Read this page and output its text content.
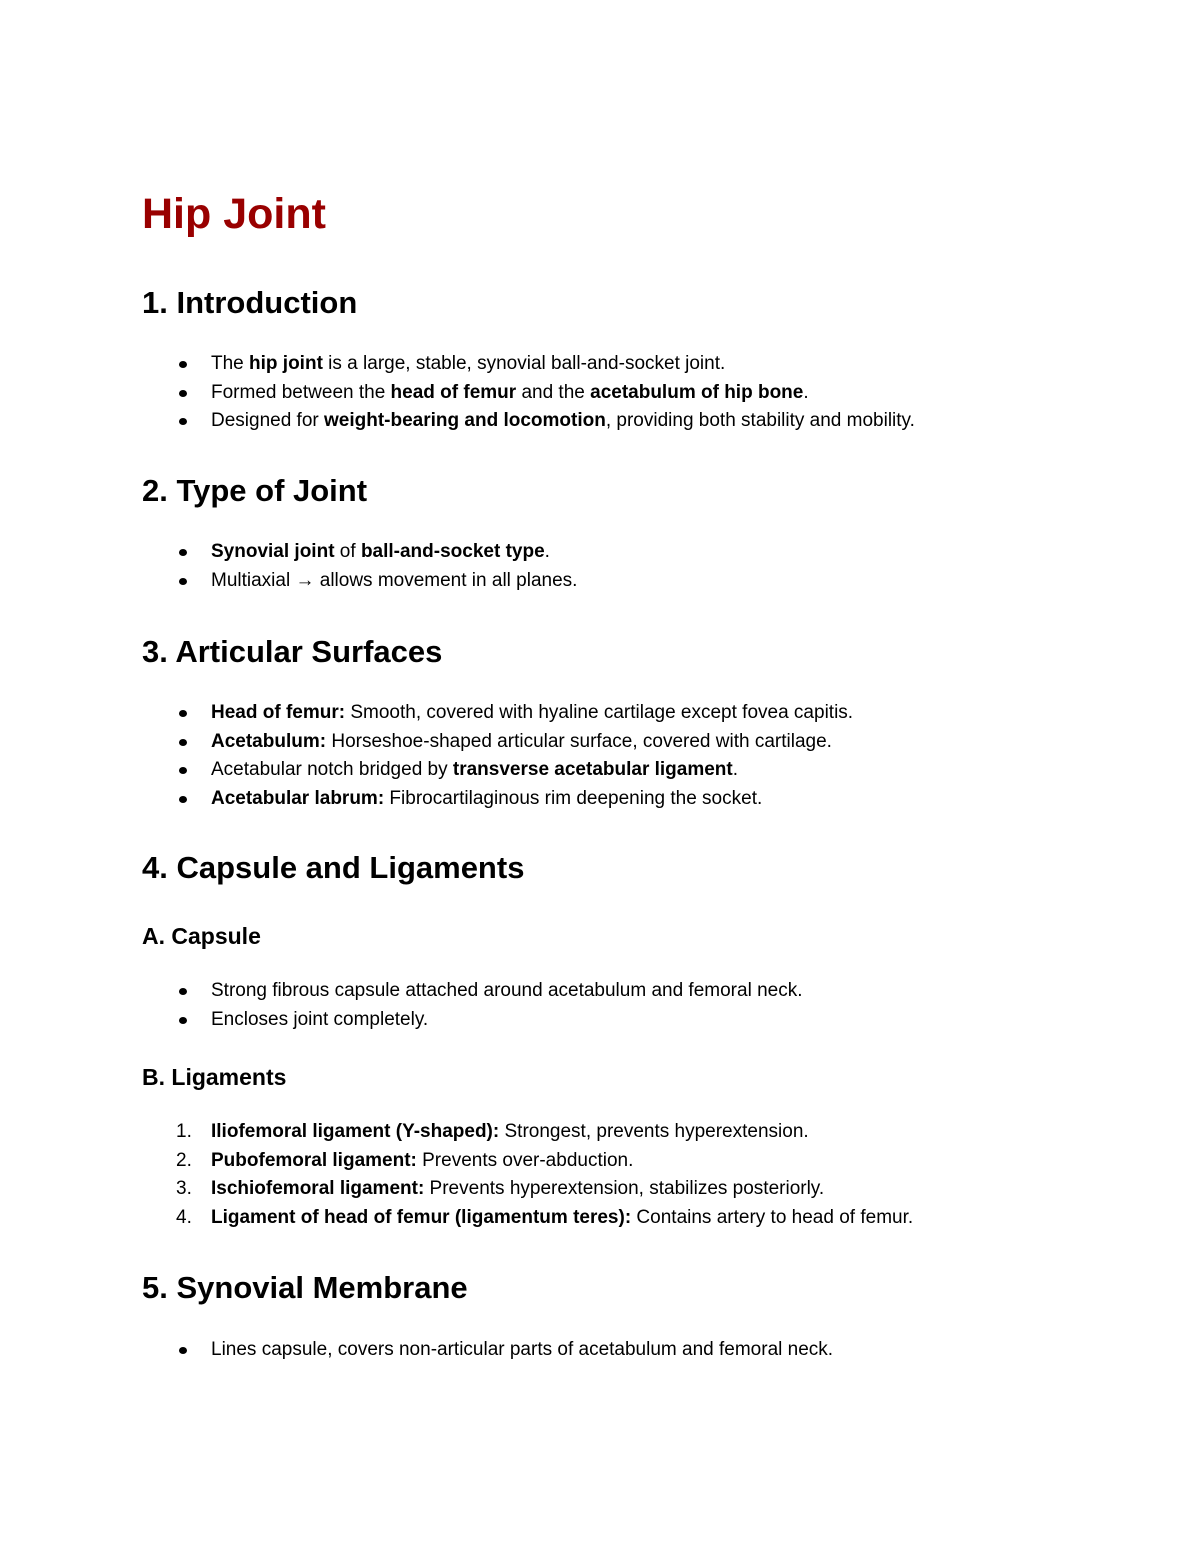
Hip Joint
1. Introduction
The hip joint is a large, stable, synovial ball-and-socket joint.
Formed between the head of femur and the acetabulum of hip bone.
Designed for weight-bearing and locomotion, providing both stability and mobility.
2. Type of Joint
Synovial joint of ball-and-socket type.
Multiaxial → allows movement in all planes.
3. Articular Surfaces
Head of femur: Smooth, covered with hyaline cartilage except fovea capitis.
Acetabulum: Horseshoe-shaped articular surface, covered with cartilage.
Acetabular notch bridged by transverse acetabular ligament.
Acetabular labrum: Fibrocartilaginous rim deepening the socket.
4. Capsule and Ligaments
A. Capsule
Strong fibrous capsule attached around acetabulum and femoral neck.
Encloses joint completely.
B. Ligaments
1. Iliofemoral ligament (Y-shaped): Strongest, prevents hyperextension.
2. Pubofemoral ligament: Prevents over-abduction.
3. Ischiofemoral ligament: Prevents hyperextension, stabilizes posteriorly.
4. Ligament of head of femur (ligamentum teres): Contains artery to head of femur.
5. Synovial Membrane
Lines capsule, covers non-articular parts of acetabulum and femoral neck.
